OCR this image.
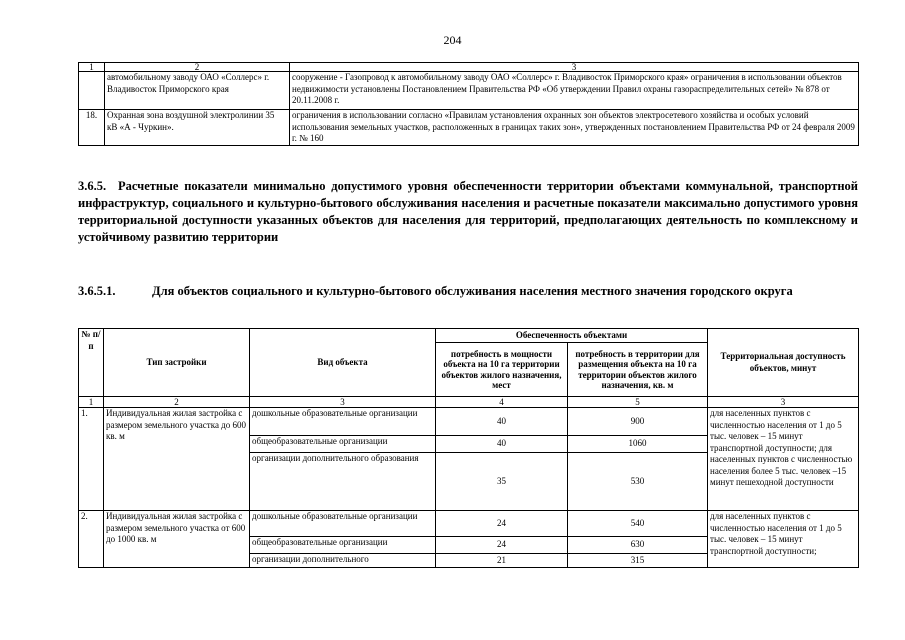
204
1	2	3
	автомобильному заводу ОАО «Соллерс» г. Владивосток Приморского края	сооружение - Газопровод к автомобильному заводу ОАО «Соллерс» г. Владивосток Приморского края» ограничения в использовании объектов недвижимости установлены Постановлением Правительства РФ «Об утверждении Правил охраны газораспределительных сетей» № 878 от 20.11.2008 г.
18.	Охранная зона воздушной электролинии 35 кВ «А - Чуркин».	ограничения в использовании согласно «Правилам установления охранных зон объектов электросетевого хозяйства и особых условий использования земельных участков, расположенных в границах таких зон», утвержденных постановлением Правительства РФ от 24 февраля 2009 г. № 160
3.6.5. Расчетные показатели минимально допустимого уровня обеспеченности территории объектами коммунальной, транспортной инфраструктур, социального и культурно-бытового обслуживания населения и расчетные показатели максимально допустимого уровня территориальной доступности указанных объектов для населения для территорий, предполагающих деятельность по комплексному и устойчивому развитию территории
3.6.5.1.	Для объектов социального и культурно-бытового обслуживания населения местного значения городского округа
№ п/п	Тип застройки	Вид объекта	Обеспеченность объектами		Территориальная доступность объектов, минут
			потребность в мощности объекта на 10 га территории объектов жилого назначения, мест	потребность в территории для размещения объекта на 10 га территории объектов жилого назначения, кв. м	
1	2	3	4	5	3
1.	Индивидуальная жилая застройка с размером земельного участка до 600 кв. м	дошкольные образовательные организации	40	900	для населенных пунктов с численностью населения от 1 до 5 тыс. человек – 15 минут транспортной доступности; для населенных пунктов с численностью населения более 5 тыс. человек –15 минут пешеходной доступности
		общеобразовательные организации	40	1060	
		организации дополнительного образования	35	530	
2.	Индивидуальная жилая застройка с размером земельного участка от 600 до 1000 кв. м	дошкольные образовательные организации	24	540	для населенных пунктов с численностью населения от 1 до 5 тыс. человек – 15 минут транспортной доступности;
		общеобразовательные организации	24	630	
		организации дополнительного	21	315	
